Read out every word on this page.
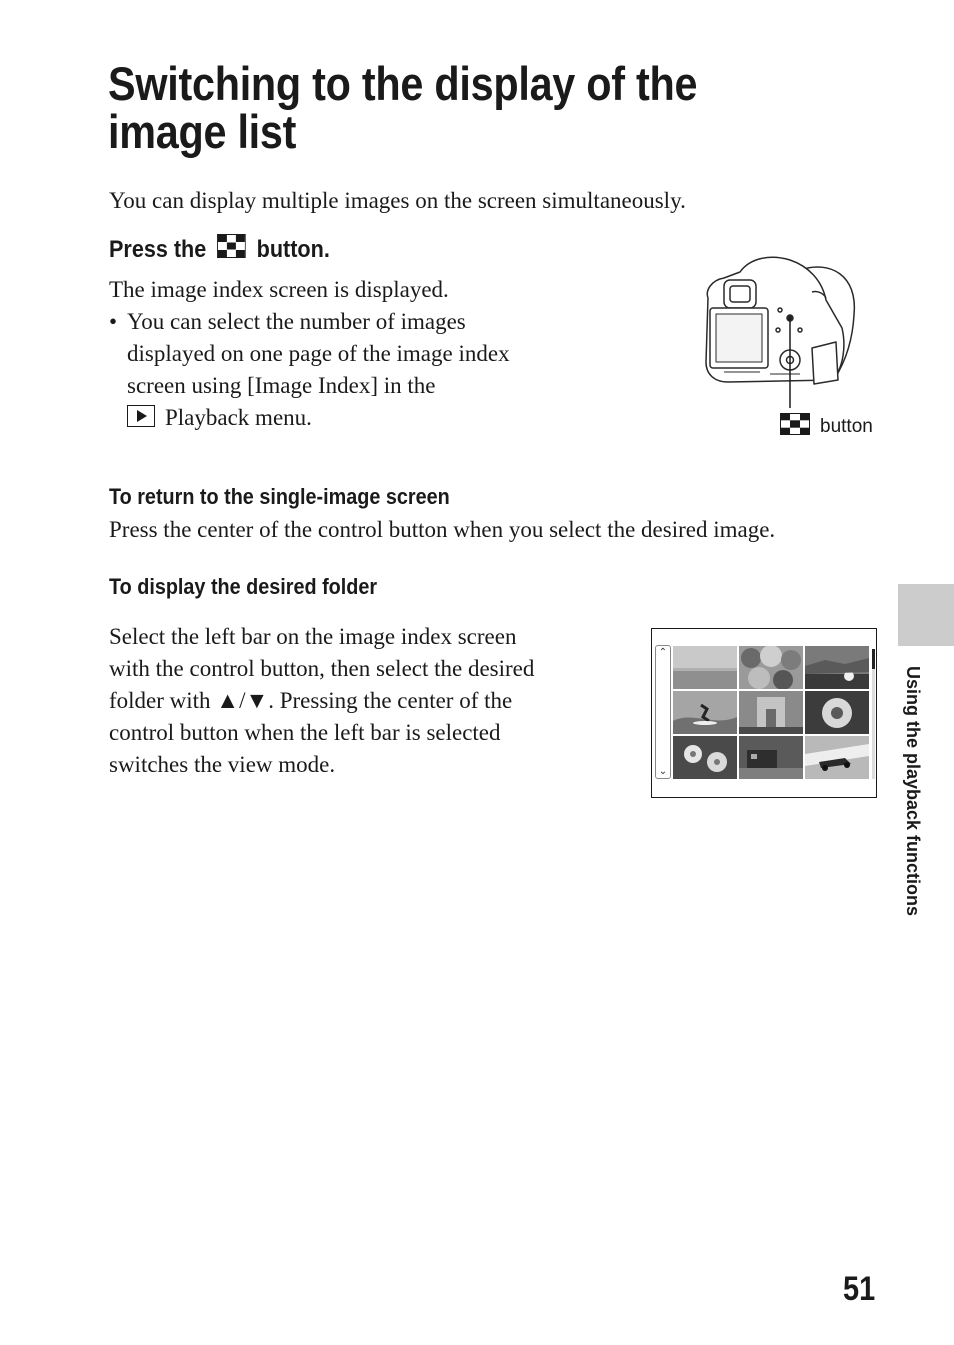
Switching to the display of the image list
You can display multiple images on the screen simultaneously.
Press the button.
The image index screen is displayed.
• You can select the number of images displayed on one page of the image index screen using [Image Index] in the
Playback menu.	button
To return to the single-image screen
Press the center of the control button when you select the desired image.
To display the desired folder
Select the left bar on the image index screen with the control button, then select the desired folder with ▲/▼. Pressing the center of the control button when the left bar is selected switches the view mode.
⌃
⌄	Using the playback functions
51
